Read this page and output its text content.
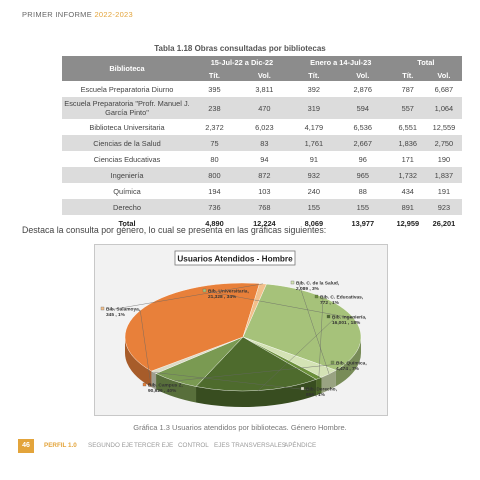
PRIMER INFORME 2022-2023
Tabla 1.18 Obras consultadas por bibliotecas
Biblioteca	15-Jul-22 a Dic-22		Enero a 14-Jul-23		Total	
	Tít.	Vol.	Tít.	Vol.	Tít.	Vol.
Escuela Preparatoria Diurno	395	3,811	392	2,876	787	6,687
Escuela Preparatoria "Profr. Manuel J. García Pinto"	238	470	319	594	557	1,064
Biblioteca Universitaria	2,372	6,023	4,179	6,536	6,551	12,559
Ciencias de la Salud	75	83	1,761	2,667	1,836	2,750
Ciencias Educativas	80	94	91	96	171	190
Ingeniería	800	872	932	965	1,732	1,837
Química	194	103	240	88	434	191
Derecho	736	768	155	155	891	923
Total	4,890	12,224	8,069	13,977	12,959	26,201
Destaca la consulta por género, lo cual se presenta en las gráficas siguientes:
Usuarios Atendidos - Hombre
Bib. Universitaria, 21,328 , 34%
Bib. C. de la Salud, 2,089 , 3%
Bib. C. Educativas, 772 , 1%
Bib. Ingeniería, 16,001 , 18%
Bib. Química, 4,474 , 7%
Bib. Derecho, 856 , 1%
Bib. Campus 2, 90,926 , 40%
Bib. Salamoya, 345 , 1%
Gráfica 1.3 Usuarios atendidos por bibliotecas. Género Hombre.
46	PERFIL 1.0 SEGUNDO EJE TERCER EJE CONTROL EJES TRANSVERSALES
APÉNDICE
